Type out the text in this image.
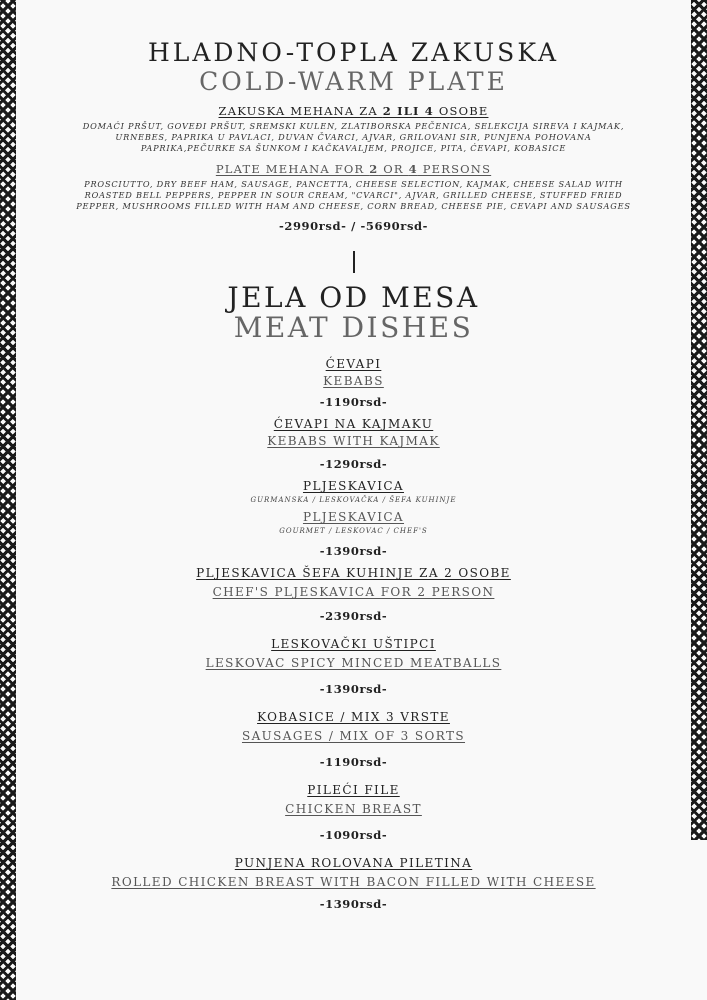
HLADNO-TOPLA ZAKUSKA
COLD-WARM PLATE
ZAKUSKA MEHANA ZA 2 ILI 4 OSOBE
DOMAĆI PRŠUT, GOVEĐI PRŠUT, SREMSKI KULEN, ZLATIBORSKA PEČENICA, SELEKCIJA SIREVA I KAJMAK, URNEBES, PAPRIKA U PAVLACI, DUVAN ČVARCI, AJVAR, GRILOVANI SIR, PUNJENA POHOVANA PAPRIKA,PEČURKE SA ŠUNKOM I KAČKAVALJEM, PROJICE, PITA, ĆEVAPI, KOBASICE
PLATE MEHANA FOR 2 OR 4 PERSONS
PROSCIUTTO, DRY BEEF HAM, SAUSAGE, PANCETTA, CHEESE SELECTION, KAJMAK, CHEESE SALAD WITH ROASTED BELL PEPPERS, PEPPER IN SOUR CREAM, "CVARCI", AJVAR, GRILLED CHEESE, STUFFED FRIED PEPPER, MUSHROOMS FILLED WITH HAM AND CHEESE, CORN BREAD, CHEESE PIE, CEVAPI AND SAUSAGES
-2990rsd- / -5690rsd-
JELA OD MESA
MEAT DISHES
ĆEVAPI
KEBABS
-1190rsd-
ĆEVAPI NA KAJMAKU
KEBABS WITH KAJMAK
-1290rsd-
PLJESKAVICA
GURMANSKA / LESKOVAČKA / ŠEFA KUHINJE
PLJESKAVICA
GOURMET / LESKOVAC / CHEF'S
-1390rsd-
PLJESKAVICA ŠEFA KUHINJE ZA 2 OSOBE
CHEF'S PLJESKAVICA FOR 2 PERSON
-2390rsd-
LESKOVAČKI UŠTIPCI
LESKOVAC SPICY MINCED MEATBALLS
-1390rsd-
KOBASICE / MIX 3 VRSTE
SAUSAGES / MIX OF 3 SORTS
-1190rsd-
PILEĆI FILE
CHICKEN BREAST
-1090rsd-
PUNJENA ROLOVANA PILETINA
ROLLED CHICKEN BREAST WITH BACON FILLED WITH CHEESE
-1390rsd-
